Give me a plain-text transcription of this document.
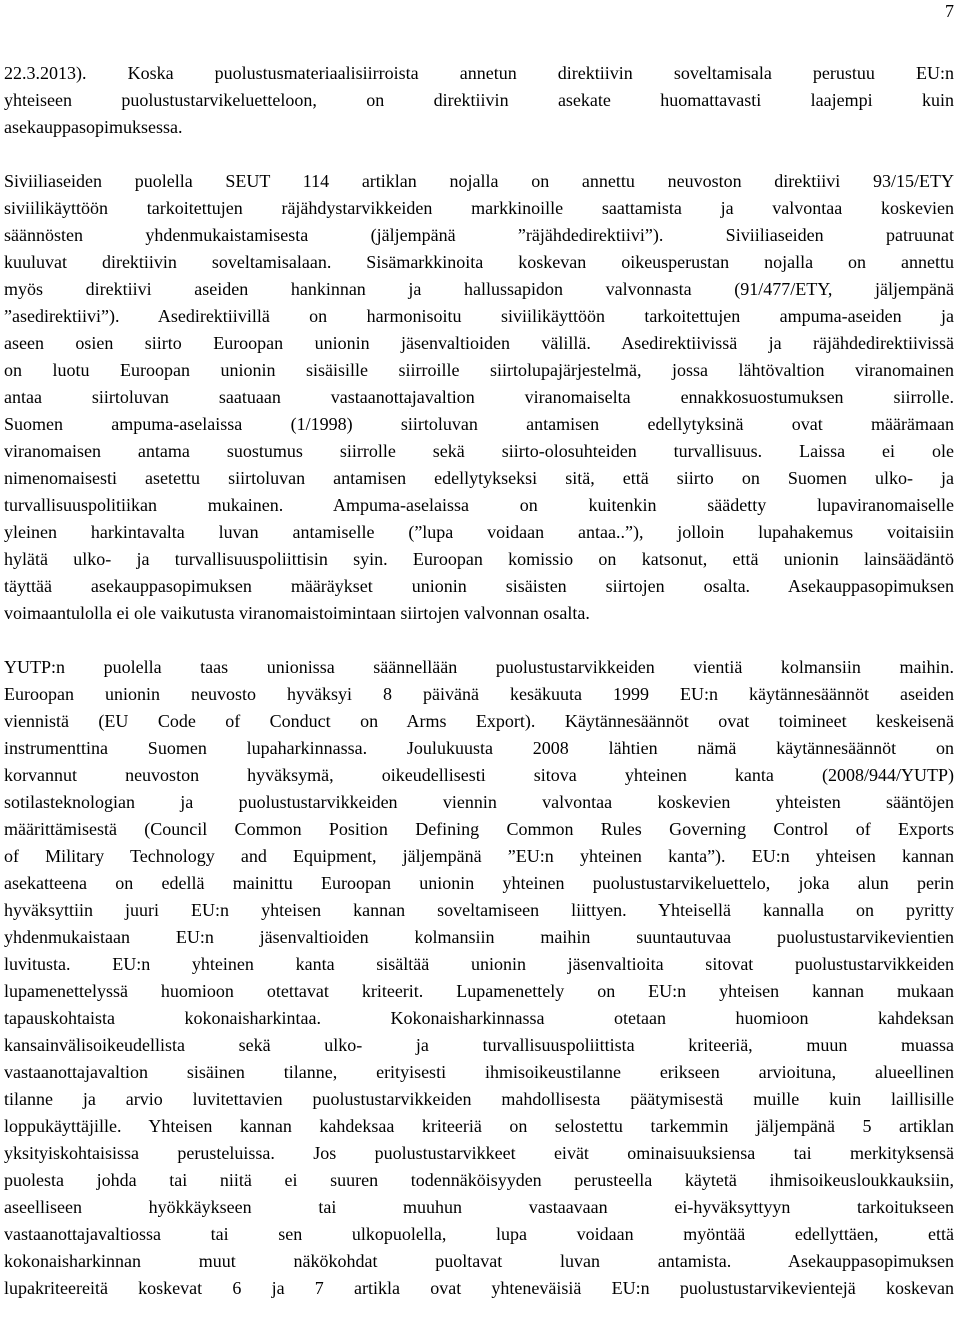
7
22.3.2013). Koska puolustusmateriaalisiirroista annetun direktiivin soveltamisala perustuu EU:n
yhteiseen puolustustarvikeluetteloon, on direktiivin asekate huomattavasti laajempi kuin
asekauppasopimuksessa.
Siviiliaseiden puolella SEUT 114 artiklan nojalla on annettu neuvoston direktiivi 93/15/ETY
siviilikäyttöön tarkoitettujen räjähdystarvikkeiden markkinoille saattamista ja valvontaa koskevien
säännösten yhdenmukaistamisesta (jäljempänä ”räjähdedirektiivi”). Siviiliaseiden patruunat
kuuluvat direktiivin soveltamisalaan. Sisämarkkinoita koskevan oikeusperustan nojalla on annettu
myös direktiivi aseiden hankinnan ja hallussapidon valvonnasta (91/477/ETY, jäljempänä
”asedirektiivi”). Asedirektiivillä on harmonisoitu siviilikäyttöön tarkoitettujen ampuma-aseiden ja
aseen osien siirto Euroopan unionin jäsenvaltioiden välillä. Asedirektiivissä ja räjähdedirektiivissä
on luotu Euroopan unionin sisäisille siirroille siirtolupajärjestelmä, jossa lähtövaltion viranomainen
antaa siirtoluvan saatuaan vastaanottajavaltion viranomaiselta ennakkosuostumuksen siirrolle.
Suomen ampuma-aselaissa (1/1998) siirtoluvan antamisen edellytyksinä ovat määrämaan
viranomaisen antama suostumus siirrolle sekä siirto-olosuhteiden turvallisuus. Laissa ei ole
nimenomaisesti asetettu siirtoluvan antamisen edellytykseksi sitä, että siirto on Suomen ulko- ja
turvallisuuspolitiikan mukainen. Ampuma-aselaissa on kuitenkin säädetty lupaviranomaiselle
yleinen harkintavalta luvan antamiselle (”lupa voidaan antaa..”), jolloin lupahakemus voitaisiin
hylätä ulko- ja turvallisuuspoliittisin syin. Euroopan komissio on katsonut, että unionin lainsäädäntö
täyttää asekauppasopimuksen määräykset unionin sisäisten siirtojen osalta. Asekauppasopimuksen
voimaantulolla ei ole vaikutusta viranomaistoimintaan siirtojen valvonnan osalta.
YUTP:n puolella taas unionissa säännellään puolustustarvikkeiden vientiä kolmansiin maihin.
Euroopan unionin neuvosto hyväksyi 8 päivänä kesäkuuta 1999 EU:n käytännesäännöt aseiden
viennistä (EU Code of Conduct on Arms Export). Käytännesäännöt ovat toimineet keskeisenä
instrumenttina Suomen lupaharkinnassa. Joulukuusta 2008 lähtien nämä käytännesäännöt on
korvannut neuvoston hyväksymä, oikeudellisesti sitova yhteinen kanta (2008/944/YUTP)
sotilasteknologian ja puolustustarvikkeiden viennin valvontaa koskevien yhteisten sääntöjen
määrittämisestä (Council Common Position Defining Common Rules Governing Control of Exports
of Military Technology and Equipment, jäljempänä ”EU:n yhteinen kanta”). EU:n yhteisen kannan
asekatteena on edellä mainittu Euroopan unionin yhteinen puolustustarvikeluettelo, joka alun perin
hyväksyttiin juuri EU:n yhteisen kannan soveltamiseen liittyen. Yhteisellä kannalla on pyritty
yhdenmukaistaan EU:n jäsenvaltioiden kolmansiin maihin suuntautuvaa puolustustarvikevientien
luvitusta. EU:n yhteinen kanta sisältää unionin jäsenvaltioita sitovat puolustustarvikkeiden
lupamenettelyssä huomioon otettavat kriteerit. Lupamenettely on EU:n yhteisen kannan mukaan
tapauskohtaista kokonaisharkintaa. Kokonaisharkinnassa otetaan huomioon kahdeksan
kansainvälisoikeudellista sekä ulko- ja turvallisuuspoliittista kriteeriä, muun muassa
vastaanottajavaltion sisäinen tilanne, erityisesti ihmisoikeustilanne erikseen arvioituna, alueellinen
tilanne ja arvio luvitettavien puolustustarvikkeiden mahdollisesta päätymisestä muille kuin laillisille
loppukäyttäjille. Yhteisen kannan kahdeksaa kriteeriä on selostettu tarkemmin jäljempänä 5 artiklan
yksityiskohtaisissa perusteluissa. Jos puolustustarvikkeet eivät ominaisuuksiensa tai merkityksensä
puolesta johda tai niitä ei suuren todennäköisyyden perusteella käytetä ihmisoikeusloukkauksiin,
aseelliseen hyökkäykseen tai muuhun vastaavaan ei-hyväksyttyyn tarkoitukseen
vastaanottajavaltiossa tai sen ulkopuolella, lupa voidaan myöntää edellyttäen, että
kokonaisharkinnan muut näkökohdat puoltavat luvan antamista. Asekauppasopimuksen
lupakriteereitä koskevat 6 ja 7 artikla ovat yhteneväisiä EU:n puolustustarvikevientejä koskevan
